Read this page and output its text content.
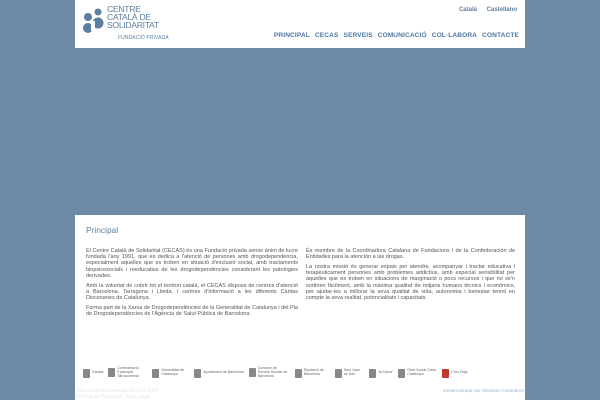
CENTRE
CATALÀ DE
SOLIDARITAT
FUNDACIÓ PRIVADA
Català Castellano
PRINCIPAL CECAS SERVEIS COMUNICACIÓ COL·LABORA CONTACTE
Principal

El Centre Català de Solidaritat (CECAS) és una Fundació privada sense ànim de lucre fundada l'any 1991, que es dedica a l'atenció de persones amb drogodependència, especialment aquelles que es troben en situació d'exclusió social, amb tractaments biopsicosocials i reeducatius de les drogodependències considerant les patologies derivades.

Amb la voluntat de cobrir tot el territori català, el CECAS disposa de centres d'atenció a Barcelona, Tarragona i Lleida. I centres d'informació a les diferents Càritas Diocesanes de Catalunya.

Forma part de la Xarxa de Drogodependències de la Generalitat de Catalunya i del Pla de Drogodependències de l'Agència de Salut Pública de Barcelona.

És membre de la Coordinadora Catalana de Fundacions i de la Confederación de Entidades para la atención a las drogas.

La nostra missió és generar espais per atendre, acompanyar i tractar educativa i terapèuticament persones amb problemes addictius, amb especial sensibilitat per aquelles que es troben en situacions de marginació o pocs recursos i que no se'n sortirien fàcilment, amb la màxima qualitat de mitjans humans tècnics i econòmics, per ajudar-les a millorar la seva qualitat de vida, autonomia i benestar tenint en compte la seva realitat, potencialitats i capacitats.

Càritas
Confederació Episcopal Tarraconense
Generalitat de Catalunya	Ajuntament de Barcelona
Consorci de Serveis Socials de Barcelona
Diputació de Barcelona
Sant Joan de Déu	"la Caixa"	Obra Social Caixa Catalunya	Creu Roja
Tots els drets reservats CECAS 2009
Política de Privacitat | Nota Legal
Desenvolupat per Iberdata Consultors
